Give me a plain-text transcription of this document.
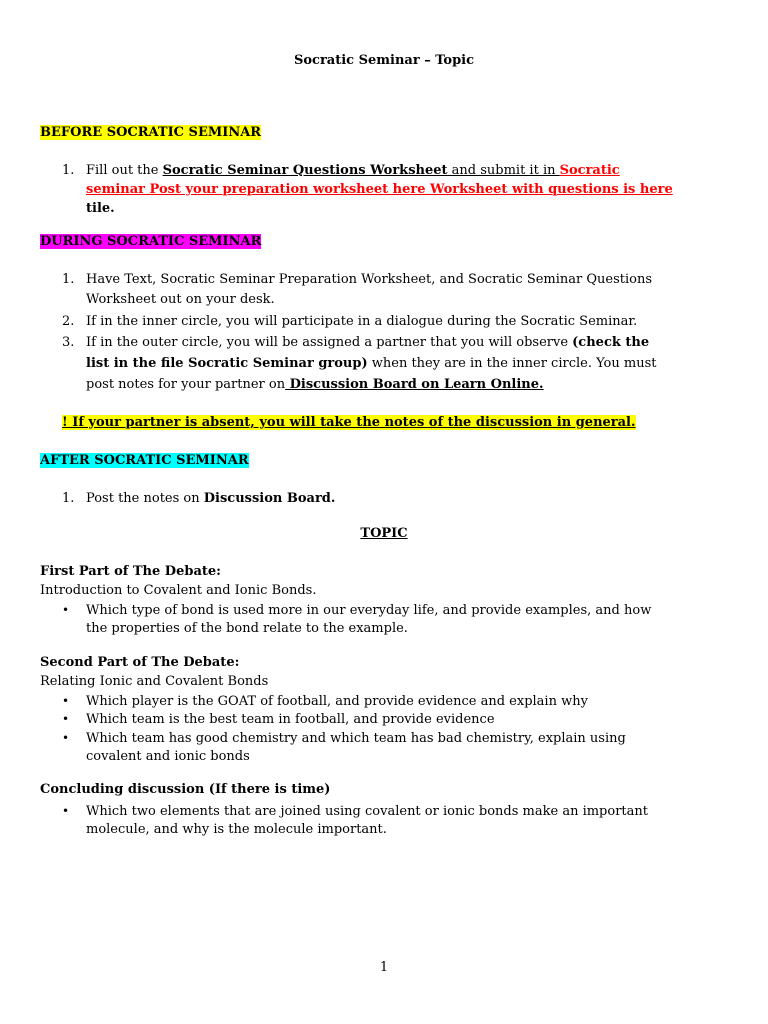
Socratic Seminar – Topic
BEFORE SOCRATIC SEMINAR
1. Fill out the Socratic Seminar Questions Worksheet and submit it in Socratic
seminar Post your preparation worksheet here Worksheet with questions is here
tile.
DURING SOCRATIC SEMINAR
1. Have Text, Socratic Seminar Preparation Worksheet, and Socratic Seminar Questions
Worksheet out on your desk.
2. If in the inner circle, you will participate in a dialogue during the Socratic Seminar.
3. If in the outer circle, you will be assigned a partner that you will observe (check the
list in the file Socratic Seminar group) when they are in the inner circle. You must
post notes for your partner on Discussion Board on Learn Online.
! If your partner is absent, you will take the notes of the discussion in general.
AFTER SOCRATIC SEMINAR
1. Post the notes on Discussion Board.
TOPIC
First Part of The Debate:
Introduction to Covalent and Ionic Bonds.
• Which type of bond is used more in our everyday life, and provide examples, and how
the properties of the bond relate to the example.
Second Part of The Debate:
Relating Ionic and Covalent Bonds
• Which player is the GOAT of football, and provide evidence and explain why
• Which team is the best team in football, and provide evidence
• Which team has good chemistry and which team has bad chemistry, explain using
covalent and ionic bonds
Concluding discussion (If there is time)
• Which two elements that are joined using covalent or ionic bonds make an important
molecule, and why is the molecule important.
1
